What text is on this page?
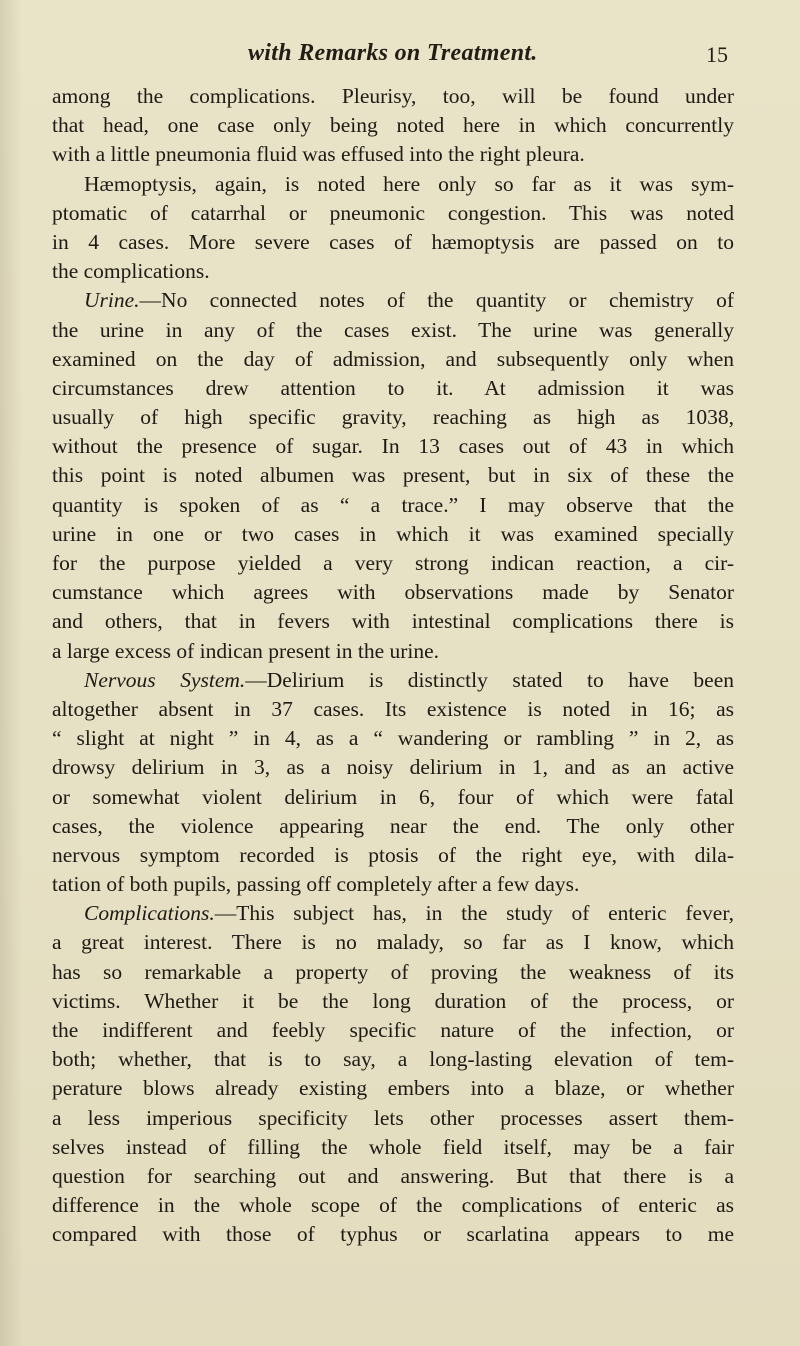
with Remarks on Treatment.	15
among the complications. Pleurisy, too, will be found under
that head, one case only being noted here in which concurrently
with a little pneumonia fluid was effused into the right pleura.
Hæmoptysis, again, is noted here only so far as it was sym-
ptomatic of catarrhal or pneumonic congestion. This was noted
in 4 cases. More severe cases of hæmoptysis are passed on to
the complications.
Urine.—No connected notes of the quantity or chemistry of
the urine in any of the cases exist. The urine was generally
examined on the day of admission, and subsequently only when
circumstances drew attention to it. At admission it was
usually of high specific gravity, reaching as high as 1038,
without the presence of sugar. In 13 cases out of 43 in which
this point is noted albumen was present, but in six of these the
quantity is spoken of as “ a trace.” I may observe that the
urine in one or two cases in which it was examined specially
for the purpose yielded a very strong indican reaction, a cir-
cumstance which agrees with observations made by Senator
and others, that in fevers with intestinal complications there is
a large excess of indican present in the urine.
Nervous System.—Delirium is distinctly stated to have been
altogether absent in 37 cases. Its existence is noted in 16; as
“ slight at night ” in 4, as a “ wandering or rambling ” in 2, as
drowsy delirium in 3, as a noisy delirium in 1, and as an active
or somewhat violent delirium in 6, four of which were fatal
cases, the violence appearing near the end. The only other
nervous symptom recorded is ptosis of the right eye, with dila-
tation of both pupils, passing off completely after a few days.
Complications.—This subject has, in the study of enteric fever,
a great interest. There is no malady, so far as I know, which
has so remarkable a property of proving the weakness of its
victims. Whether it be the long duration of the process, or
the indifferent and feebly specific nature of the infection, or
both; whether, that is to say, a long-lasting elevation of tem-
perature blows already existing embers into a blaze, or whether
a less imperious specificity lets other processes assert them-
selves instead of filling the whole field itself, may be a fair
question for searching out and answering. But that there is a
difference in the whole scope of the complications of enteric as
compared with those of typhus or scarlatina appears to me
